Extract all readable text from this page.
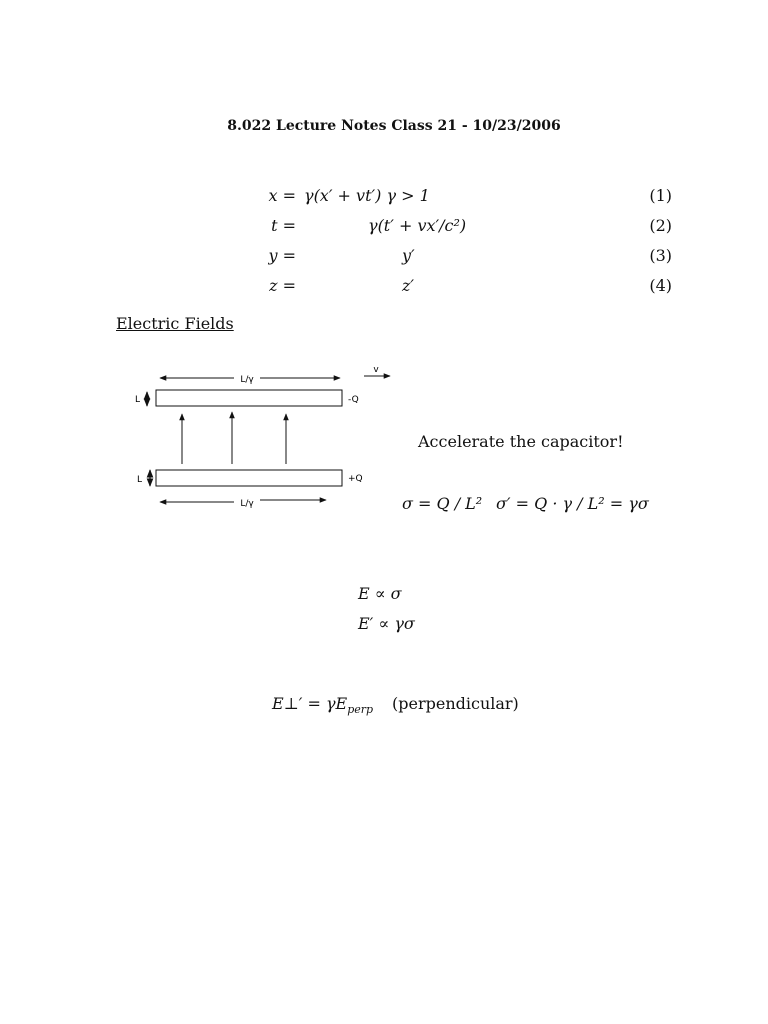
8.022 Lecture Notes Class 21 - 10/23/2006
x = γ(x′ + vt′) γ > 1	(1)
t =	γ(t′ + vx′/c²)	(2)
y =	y′	(3)
z =	z′	(4)
Electric Fields
L/γ
v
L	-Q
L	+Q
L/γ
Accelerate the capacitor!
σ = Q / L² σ′ = Q · γ / L² = γσ
E ∝ σ
E′ ∝ γσ
E⊥′ = $\gamma E_{perp}$ (perpendicular)
